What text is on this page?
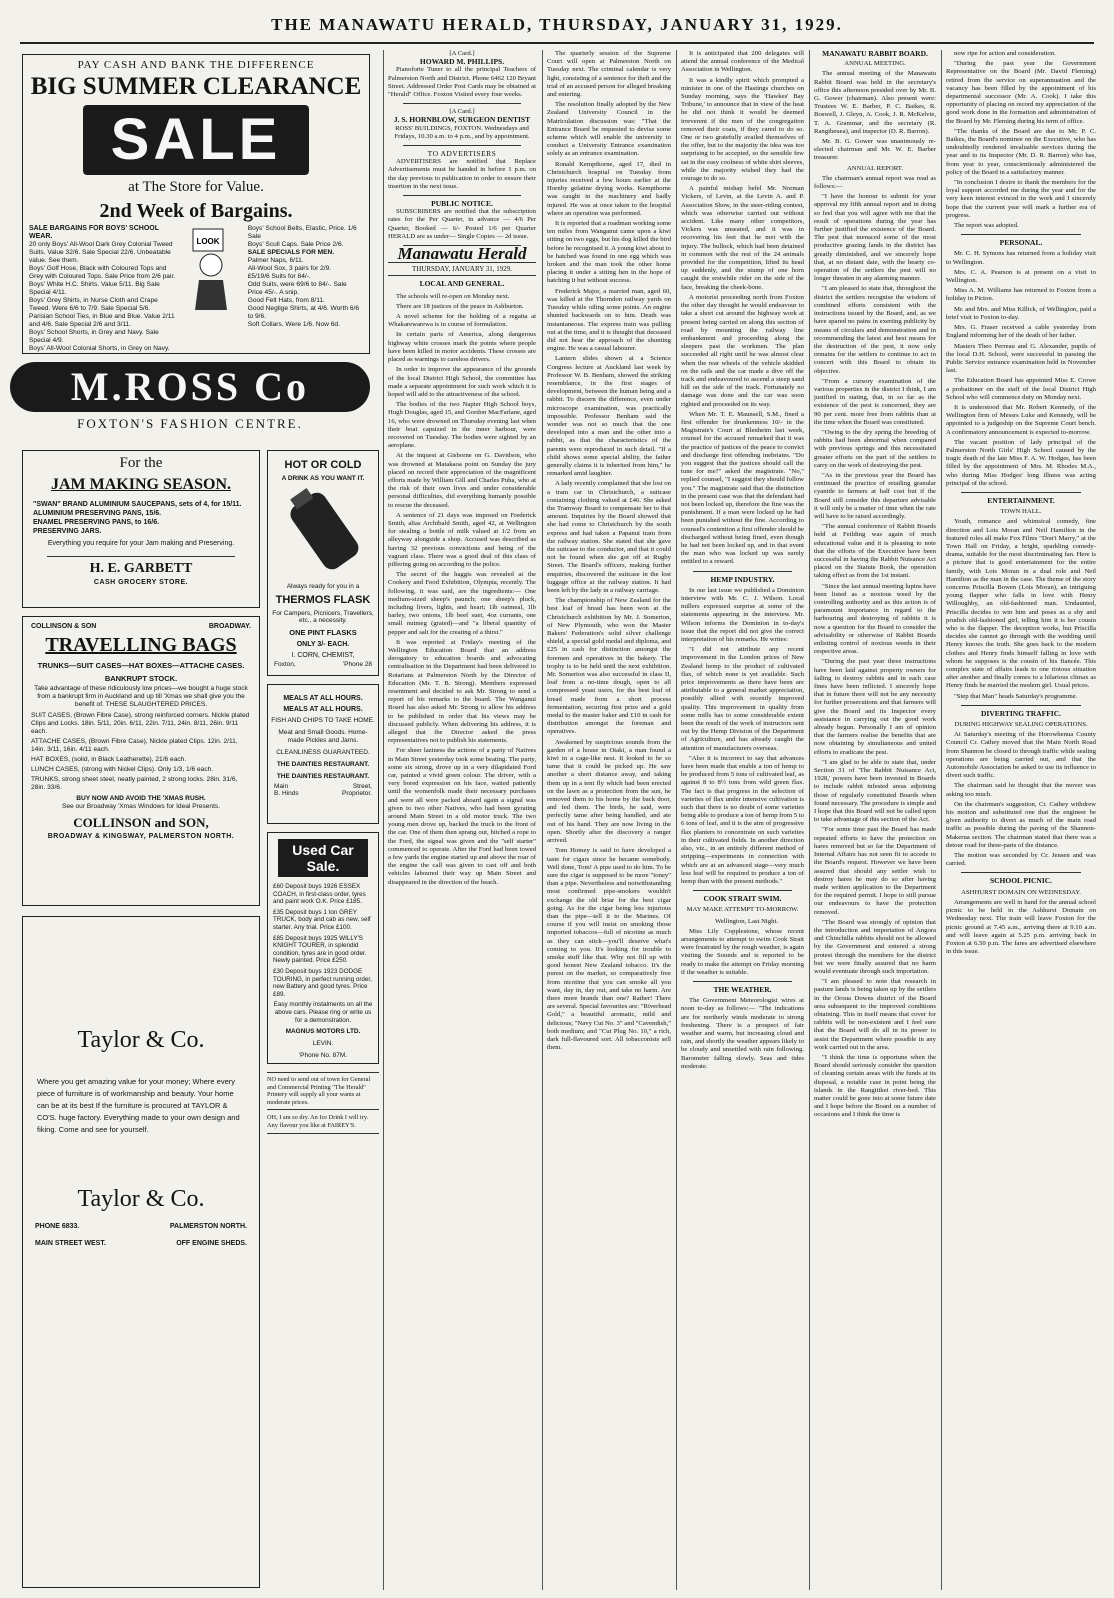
THE MANAWATU HERALD, THURSDAY, JANUARY 31, 1929.
PAY CASH AND BANK THE DIFFERENCE
BIG SUMMER CLEARANCE
SALE
at The Store for Value.
2nd Week of Bargains.
SALE BARGAINS FOR BOYS' SCHOOL WEAR.
20 only Boys' All-Wool Dark Grey Colonial Tweed Suits. Value 32/6. Sale Special 22/6. Unbeatable value. See them.
Boys' Golf Hose, Black with Coloured Tops and Grey with Coloured Tops. Sale Price from 2/6 pair.
Boys' White H.C. Shirts. Value 5/11. Big Sale Special 4/11.
Boys' Grey Shirts, in Nurse Cloth and Crape Tweed. Were 6/6 to 7/9. Sale Special 5/6.
Parisian School Ties, in Blue and Blue. Value 2/11 and 4/6. Sale Special 2/6 and 3/11.
Boys' School Shorts, in Grey and Navy. Sale Special 4/9.
Boys' All-Wool Colonial Shorts, in Grey on Navy.
LOOK
Boys' School Belts, Elastic, Price. 1/6 Sale
Boys' Scull Caps. Sale Price 2/6.
SALE SPECIALS FOR MEN.
Palmer Naps, 6/11.
All-Wool Sox, 3 pairs for 2/9.
£5/19/6 Suits for 84/-.
Odd Suits, were 69/6 to 84/-. Sale Price 45/-. A snip.
Good Felt Hats, from 8/11.
Good Neglige Shirts, at 4/6. Worth 6/6 to 9/6.
Soft Collars. Were 1/6. Now 6d.
M.ROSS Co
FOXTON'S FASHION CENTRE.
For the
JAM MAKING SEASON.
"SWAN" BRAND ALUMINIUM SAUCEPANS, sets of 4, for 15/11.
ALUMINIUM PRESERVING PANS, 15/6.
ENAMEL PRESERVING PANS, to 16/6.
PRESERVING JARS.
Everything you require for your Jam making and Preserving.
H. E. GARBETT
CASH GROCERY STORE.
COLLINSON & SON	BROADWAY.
TRAVELLING BAGS
TRUNKS—SUIT CASES—HAT BOXES—ATTACHE CASES.
BANKRUPT STOCK.
Take advantage of these ridiculously low prices—we bought a huge stock from a bankrupt firm in Auckland and up till 'Xmas we shall give you the benefit of. THESE SLAUGHTERED PRICES.
SUIT CASES, (Brown Fibre Case), strong reinforced corners. Nickle plated Clips and Locks. 18in. 5/11, 20in. 6/11, 22in. 7/11, 24in. 8/11, 26in. 9/11 each.
ATTACHE CASES, (Brown Fibre Case), Nickle plated Clips. 12in. 2/11, 14in. 3/11, 16in. 4/11 each.
HAT BOXES, (solid, in Black Leatherette), 21/6 each.
LUNCH CASES, (strong with Nickel Clips). Only 1/3, 1/6 each.
TRUNKS, strong sheet steel, neatly painted, 2 strong locks. 28in. 31/6, 28in. 33/6.
BUY NOW AND AVOID THE 'XMAS RUSH.
See our Broadway 'Xmas Windows for Ideal Presents.
COLLINSON and SON,
BROADWAY & KINGSWAY, PALMERSTON NORTH.
Taylor & Co.
Where you get amazing value for your money; Where every piece of furniture is of workmanship and beauty. Your home can be at its best If the furniture is procured at TAYLOR & CO'S. huge factory. Everything made to your own design and fiking. Come and see for yourself.
Taylor & Co.
PHONE 6833.	PALMERSTON NORTH.
MAIN STREET WEST.	OFF ENGINE SHEDS.
HOT OR COLD
A DRINK AS YOU WANT IT.
Always ready for you in a
THERMOS FLASK
For Campers, Picnicers, Travellers, etc., a necessity.
ONE PINT FLASKS
ONLY 3/- EACH.
I. CORN, CHEMIST,
Foxton,	'Phone 28
MEALS AT ALL HOURS.
MEALS AT ALL HOURS.
FISH AND CHIPS TO TAKE HOME.
Meat and Small Goods. Home-made Pickles and Jams.
CLEANLINESS GUARANTEED.
THE DAINTIES RESTAURANT.
THE DAINTIES RESTAURANT.
Main	Street,
B. Hinds	Proprietor.
Used Car Sale.
£60 Deposit buys 1926 ESSEX COACH, in first-class order, tyres and paint work O.K. Price £185.
£35 Deposit buys 1 ton GREY TRUCK, body and cab as new, self starter. Any trial. Price £100.
£85 Deposit buys 1925 WILLY'S KNIGHT TOURER, in splendid condition, tyres are in good order. Newly painted. Price £250.
£30 Deposit buys 1923 DODGE TOURING, in perfect running order, new Battery and good tyres. Price £89.
Easy monthly instalments on all the above cars. Please ring or write us for a demonstration.
MAGNUS MOTORS LTD.
LEVIN.
'Phone No. 87M.
NO need to send out of town for General and Commercial Printing "The Herald" Printery will supply all your wants at moderate prices.
OH, I am so dry. An Ice Drink I will try. Any flavour you like at FAIREY'S.
[A Card.]
HOWARD M. PHILLIPS.

Pianoforte Tuner to all the principal Teachers of Palmerston North and District. Phone 6462 120 Bryant Street. Addressed Order Post Cards may be obtained at "Herald" Office. Foxton Visited every four weeks.

[A Card.]
J. S. HORNBLOW, SURGEON DENTIST

ROSS' BUILDINGS, FOXTON. Wednesdays and Fridays, 10.30 a.m. to 4 p.m., and by appointment.

TO ADVERTISERS

ADVERTISERS are notified that Replace Advertisements must be handed in before 1 p.m. on the day previous to publication in order to ensure their insertion in the next issue.

PUBLIC NOTICE.

SUBSCRIBERS are notified that the subscription rates for the Per Quarter, in advance — 4/6 Per Quarter, Booked — 6/- Posted 1/6 per Quarter HERALD are as under— Single Copies — 2d issue.

Manawatu Herald
THURSDAY, JANUARY 31, 1929.
LOCAL AND GENERAL.

The schools will re-open on Monday next.

There are 18 justices of the peace in Ashburton.

A novel scheme for the holding of a regatta at Whakarewarewa is in course of formulation.

In certain parts of America, along dangerous highway white crosses mark the points where people have been killed in motor accidents. These crosses are placed as warnings to careless drivers.

In order to improve the appearance of the grounds of the local District High School, the committee has made a separate appointment for such work which it is hoped will add to the attractiveness of the school.

The bodies of the two Napier High School boys, Hugh Douglas, aged 15, and Gordon MacFarlane, aged 16, who were drowned on Thursday evening last when their boat capsized in the inner harbour, were recovered on Tuesday. The bodies were sighted by an aeroplane.

At the inquest at Gisborne on G. Davidson, who was drowned at Matakaoa point on Sunday the jury placed on record their appreciation of the magnificent efforts made by William Gill and Charles Puha, who at the risk of their own lives and under considerable personal difficulties, did everything humanly possible to rescue the deceased.

A sentence of 21 days was imposed on Frederick Smith, alias Archibald Smith, aged 42, at Wellington for stealing a bottle of milk valued at 1/2 from an alleyway alongside a shop. Accused was described as having 32 previous convictions and being of the vagrant class. There was a good deal of this class of pilfering going on according to the police.

The secret of the haggis was revealed at the Cookery and Food Exhibition, Olympia, recently. The following, it was said, are the ingredients:— One medium-sized sheep's paunch; one sheep's pluck, including livers, lights, and heart; 1lb oatmeal, 1lb barley, two onions, 1lb beef suet, 4oz currants, one small nutmeg (grated)—and "a liberal quantity of pepper and salt for the creating of a thirst."

It was reported at Friday's meeting of the Wellington Education Board that an address derogatory to education boards and advocating centralisation in the Department had been delivered to Rotarians at Palmerston North by the Director of Education (Mr. T. B. Strong). Members expressed resentment and decided to ask Mr. Strong to send a report of his remarks to the board. The Wanganui Board has also asked Mr. Strong to allow his address to be published in order that his views may be discussed publicly. When delivering his address, it is alleged that the Director asked the press representatives not to publish his statements.

For sheer laziness the actions of a party of Natives in Main Street yesterday took some beating. The party, some six strong, drove up in a very dilapidated Ford car, painted a vivid green colour. The driver, with a very bored expression on his face, waited patiently until the womenfolk made their necessary purchases and were all were packed aboard again a signal was given to two other Natives, who had been gyrating around Main Street in a old motor truck. The two young men drove up, backed the truck to the front of the car. One of them then sprang out, hitched a rope to the Ford, the signal was given and the "self starter" commenced to operate. After the Ford had been towed a few yards the engine started up and above the roar of the engine the call was given to cast off and both vehicles laboured their way up Main Street and disappeared in the direction of the beach.

The quarterly session of the Supreme Court will open at Palmerston North on Tuesday next. The criminal calendar is very light, consisting of a sentence for theft and the trial of an accused person for alleged breaking and entering.

The resolution finally adopted by the New Zealand University Council in the Matriculation discussion was: "That the Entrance Board be requested to devise some scheme which will enable the university to conduct a University Entrance examination solely as an entrance examination.

Ronald Kempthorne, aged 17, died in Christchurch hospital on Tuesday from injuries received a few hours earlier at the Hornby gelatine drying works. Kempthorne was caught in the machinery and badly injured. He was at once taken to the hospital where an operation was performed.

It is reported that a roadman working some ten miles from Wanganui came upon a kiwi sitting on two eggs, but his dog killed the bird before he recognised it. A young kiwi about to be hatched was found in one egg which was broken and the man took the other home placing it under a sitting hen in the hope of hatching it but without success.

Frederick Major, a married man, aged 60, was killed at the Thorndon railway yards on Tuesday while oiling some points. An engine shunted backwards on to him. Death was instantaneous. The express train was pulling out at the time, and it is thought that deceased did not hear the approach of the shunting engine. He was a casual labourer.

Lantern slides shown at a Science Congress lecture at Auckland last week by Professor W. B. Benham, showed the striking resemblance, in the first stages of development, between the human being and a rabbit. To discern the difference, even under microscope examination, was practically impossible. Professor Benham said the wonder was not so much that the one developed into a man and the other into a rabbit, as that the characteristics of the parents were reproduced in such detail. "If a child shows some special ability, the father generally claims it is inherited from him," he remarked amid laughter.

A lady recently complained that she lost on a tram car in Christchurch, a suitcase containing clothing valued at £46. She asked the Tramway Board to compensate her to that amount. Inquiries by the Board showed that she had come to Christchurch by the south express and had taken a Papanui tram from the railway station. She stated that she gave the suitcase to the conductor, and that it could not be found when she got off at Rugby Street. The Board's officers, making further enquiries, discovered the suitcase in the lost luggage office at the railway station. It had been left by the lady in a railway carriage.

The championship of New Zealand for the best loaf of bread has been won at the Christchurch exhibition by Mr. J. Somerton, of New Plymouth, who won the Master Bakers' Federation's solid silver challenge shield, a special gold medal and diploma, and £25 in cash for distinction amongst the foremen and operatives in the bakery. The trophy is to be held until the next exhibition. Mr. Somerton was also successful in class II, loaf from a no-time dough, open to all compressed yeast users, for the best loaf of bread made from a short process fermentation, securing first prize and a gold medal to the master baker and £10 in cash for distribution amongst the foreman and operatives.

Awakened by suspicious sounds from the garden of a house in Otaki, a man found a kiwi in a cage-like nest. It looked to be so tame that it could be picked up. He saw another a short distance away, and taking them up in a tent fly which had been erected on the lawn as a protection from the sun, he removed them to his home by the back door, and fed them. The birds, he said, were perfectly tame after being handled, and ate out of his hand. They are now living in the open. Shortly after the discovery a ranger arrived.

Tom Homey is said to have developed a taste for cigars since he became somebody. Well done, Tom! A pipe used to do him. To be sure the cigar is supposed to be more "toney" than a pipe. Nevertheless and notwithstanding most confirmed pipe-smokers wouldn't exchange the old briar for the best cigar going. As for the cigar being less injurious than the pipe—tell it to the Marines. Of course if you will insist on smoking those imported tobaccos—full of nicotine as much as they can stick—you'll deserve what's coming to you. It's looking for trouble to smoke stuff like that. Why not fill up with good honest New Zealand tobacco. It's the purest on the market, so comparatively free from nicotine that you can smoke all you want, day in, day out, and take no harm. Are there more brands than one? Rather! There are several. Special favourites are: "Riverhead Gold," a beautiful aromatic, mild and delicious; "Navy Cut No. 3" and "Cavendish," both medium; and "Cut Plug No. 10," a rich, dark full-flavoured sort. All tobacconists sell them.

It is anticipated that 200 delegates will attend the annual conference of the Medical Association in Wellington.

It was a kindly spirit which prompted a minister in one of the Hastings churches on Sunday morning, says the 'Hawkes' Bay Tribune,' to announce that in view of the heat he did not think it would be deemed irreverent if the men of the congregation removed their coats, if they cared to do so. One or two gratefully availed themselves of the offer, but to the majority the idea was too surprising to be accepted, so the sensible few sat in the easy coolness of white shirt sleeves, while the majority wished they had the courage to do so.

A painful mishap befel Mr. Norman Vickers, of Levin, at the Levin A. and P. Association Show, in the steer-riding contest, which was otherwise carried out without accident. Like many other competitors, Vickers was unseated, and it was in recovering his feet that he met with the injury. The bullock, which had been detained in common with the rest of the 24 animals provided for the competition, lifted its head up suddenly, and the stump of one horn caught the erstwhile rider on the side of the face, breaking the cheek-bone.

A motorist proceeding north from Foxton the other day thought he would endeavour to take a short cut around the highway work at present being carried on along this section of road by mounting the railway line embankment and proceeding along the sleepers past the workmen. The plan succeeded all right until he was almost clear when the rear wheels of the vehicle skidded on the rails and the car made a dive off the track and endeavoured to ascend a steep sand hill on the side of the track. Fortunately no damage was done and the car was soon righted and proceeded on its way.

When Mr. T. E. Maunsell, S.M., fined a first offender for drunkenness 10/- in the Magistrate's Court at Blenheim last week, counsel for the accused remarked that it was the practice of justices of the peace to convict and discharge first offending inebriates. "Do you suggest that the justices should call the tune for me?" asked the magistrate. "No," replied counsel, "I suggest they should follow you." The magistrate said that the distinction in the present case was that the defendant had not been locked up, therefore the fine was the punishment. If a man were locked up he had been punished without the fine. According to counsel's contention a first offender should be discharged without being fined, even though he had not been locked up, and in that event the man who was locked up was surely entitled to a reward.

HEMP INDUSTRY.

In our last issue we published a Dominion interview with Mr. C. J. Wilson. Local millers expressed surprise at some of the statements appearing in the interview. Mr. Wilson informs the Dominion in to-day's issue that the report did not give the correct interpretation of his remarks. He writes:

"I did not attribute any recent improvement in the London prices of New Zealand hemp to the product of cultivated flax, of which none is yet available. Such price improvements as there have been are attributable to a general market appreciation, possibly allied with recently improved quality. This improvement in quality from some mills has to some considerable extent been the result of the work of instructors sent out by the Hemp Division of the Department of Agriculture, and has already caught the attention of manufacturers overseas.

"Also it is incorrect to say that advances have been made that enable a ton of hemp to be produced from 5 tons of cultivated leaf, as against 8 to 8½ tons from wild green flax. The fact is that progress in the selection of varieties of flax under intensive cultivation is such that there is no doubt of some varieties being able to produce a ton of hemp from 5 to 6 tons of leaf, and it is the aim of progressive flax planters to concentrate on such varieties in their cultivated fields. In another direction also, viz., in an entirely different method of stripping—experiments in connection with which are at an advanced stage—very much less leaf will be required to produce a ton of hemp than with the present methods."

COOK STRAIT SWIM.
MAY MAKE ATTEMPT TO-MORROW.

Wellington, Last Night.

Miss Lily Copplestone, whose recent arrangements to attempt to swim Cook Strait were frustrated by the rough weather, is again visiting the Sounds and is reported to be ready to make the attempt on Friday morning if the weather is suitable.

THE WEATHER.

The Government Meteorologist wires at noon to-day as follows:— "The indications are for northerly winds moderate to strong freshening. There is a prospect of fair weather and warm, but increasing cloud and rain, and shortly the weather appears likely to be cloudy and unsettled with rain following. Barometer falling slowly. Seas and tides moderate.

MANAWATU RABBIT BOARD.
ANNUAL MEETING.

The annual meeting of the Manawatu Rabbit Board was held in the secretary's office this afternoon presided over by Mr. B. G. Gower (chairman). Also present were: Trustees W. E. Barber, P. C. Baikes, R. Boswell, J. Gleyn, A. Cook, J. R. McKelvie, T. A. Grammar, and the secretary (R. Rangiheuea), and inspector (D. R. Barron).

Mr. B. G. Gower was unanimously re-elected chairman and Mr. W. E. Barber treasurer.

ANNUAL REPORT.

The chairman's annual report was read as follows:—

"I have the honour to submit for your approval my fifth annual report and in doing so feel that you will agree with me that the result of operations during the year has further justified the existence of the Board. The pest that menaced some of the most productive grazing lands in the district has greatly diminished, and we sincerely hope that, at no distant date, with the hearty co-operation of the settlers the pest will no longer threaten in any alarming manner.

"I am pleased to state that, throughout the district the settlers recognise the wisdom of combined efforts consistent with the instructions issued by the Board, and, as we have spared no pains in exerting publicity by means of circulars and demonstration and in recommending the latest and best means for the destruction of the pest, it now only remains for the settlers to continue to act in concert with this Board to obtain its objective.

"From a cursory examination of the various properties in the district I think, I am justified in stating, that, in so far as the existence of the pest is concerned, they are 90 per cent. more free from rabbits than at the time when the Board was constituted.

"Owing to the dry spring the breeding of rabbits had been abnormal when compared with previous springs and this necessitated greater efforts on the part of the settlers to carry on the work of destroying the pest.

"As in the previous year the Board has continued the practice of retailing granular cyanide to farmers at half cost but if the Board still consider this departure advisable it will only be a matter of time when the rate will have to be raised accordingly.

"The annual conference of Rabbit Boards held at Feilding was again of much educational value and it is pleasing to note that the efforts of the Executive have been successful in having the Rabbit Nuisance Act placed on the Statute Book, the operation taking effect as from the 1st instant.

"Since the last annual meeting lupins have been listed as a noxious weed by the controlling authority and as this action is of paramount importance in regard to the harbouring and destroying of rabbits it is now a question for the Board to consider the advisability or otherwise of Rabbit Boards enlisting control of noxious weeds in their respective areas.

"During the past year three instructions have been laid against property owners for failing to destroy rabbits and in each case fines have been inflicted. I sincerely hope that in future there will not be any necessity for further prosecutions and that farmers will give the Board and its Inspector every assistance in carrying out the good work already begun. Personally I am of opinion that the farmers realise the benefits that are now obtaining by simultaneous and united efforts to eradicate the pest.

"I am glad to be able to state that, under Section 31 of 'The Rabbit Nuisance Act, 1928,' powers have been invested in Boards to include rabbit infested areas adjoining those of regularly constituted Boards when found necessary. The procedure is simple and I hope that this Board will not be called upon to take advantage of this section of the Act.

"For some time past the Board has made repeated efforts to have the protection on hares removed but so far the Department of Internal Affairs has not seen fit to accede to the Board's request. However we have been assured that should any settler wish to destroy hares he may do so after having made written application to the Department for the required permit. I hope to still pursue our endeavours to have the protection removed.

"The Board was strongly of opinion that the introduction and importation of Angora and Chinchilla rabbits should not be allowed by the Government and entered a strong protest through the members for the district but we were finally assured that no harm would eventuate through such importation.

"I am pleased to note that research in pasture lands is being taken up by the settlers in the Oroua Downs district of the Board area subsequent to the improved conditions obtaining. This in itself means that cover for rabbits will be non-existent and I feel sure that the Board will do all in its power to assist the Department where possible in any work carried out in the area.

"I think the time is opportune when the Board should seriously consider the question of cleaning certain areas with the funds at its disposal, a notable case in point being the islands in the Rangitikei river-bed. This matter could be gone into at some future date and I hope before the Board on a number of occasions and I think the time is

now ripe for action and consideration.

"During the past year the Government Representative on the Board (Mr. David Fleming) retired from the service on superannuation and the vacancy has been filled by the appointment of his departmental successor (Mr. A. Cook). I take this opportunity of placing on record my appreciation of the good work done in the formation and administration of the Board by Mr. Fleming during his term of office.

"The thanks of the Board are due to Mr. P. C. Baikes, the Board's nominee on the Executive, who has undoubtedly rendered invaluable services during the year and to its Inspector (Mr. D. R. Barron) who has, from year to year, conscientiously administered the policy of the Board in a satisfactory manner.

"In conclusion I desire to thank the members for the loyal support accorded me during the year and for the very keen interest evinced in the work and I sincerely hope that the current year will mark a further era of progress.

The report was adopted.

PERSONAL.

Mr. C. H. Symons has returned from a holiday visit to Wellington.

Mrs. C. A. Pearson is at present on a visit to Wellington.

Miss A. M. Williams has returned to Foxton from a holiday in Picton.

Mr. and Mrs. and Miss Killick, of Wellington, paid a brief visit to Foxton to-day.

Mrs. G. Fraser received a cable yesterday from England informing her of the death of her father.

Masters Theo Perreau and G. Alexander, pupils of the local D.H. School, were successful in passing the Public Service entrance examination held in November last.

The Education Board has appointed Miss E. Crowe a probationer on the staff of the local District High School who will commence duty on Monday next.

It is understood that Mr. Robert Kennedy, of the Wellington firm of Messrs Luke and Kennedy, will be appointed to a judgeship on the Supreme Court bench. A confirmatory announcement is expected to-morrow.

The vacant position of lady principal of the Palmerston North Girls' High School caused by the tragic death of the late Miss F. A. W. Hodges, has been filled by the appointment of Mrs. M. Rhodes M.A., who during Miss Hodges' long illness was acting principal of the school.

ENTERTAINMENT.
TOWN HALL.

Youth, romance and whimsical comedy, fine direction and Lois Moran and Neil Hamilton in the featured roles all make Fox Films "Don't Marry," at the Town Hall on Friday, a bright, sparkling comedy-drama, suitable for the most discriminating fan. Here is a picture that is good entertainment for the entire family, with Lois Moran in a dual role and Neil Hamilton as the man in the case. The theme of the story concerns Priscilla Bowen (Lois Moran), an intriguing young flapper who falls in love with Henry Willoughby, an old-fashioned man. Undaunted, Priscilla decides to win him and poses as a shy and prudish old-fashioned girl, telling him it is her cousin who is the flapper. The deception works, but Priscilla decides she cannot go through with the wedding until Henry knows the truth. She goes back to the modern clothes and Henry finds himself falling in love with whom he supposes is the cousin of his fiancée. This complex state of affairs leads to one riotous situation after another and finally comes to a hilarious climax as Henry finds he married the modern girl. Usual prices.

"Step that Man" heads Saturday's programme.

DIVERTING TRAFFIC.
DURING HIGHWAY SEALING OPERATIONS.

At Saturday's meeting of the Horowhenua County Council Cr. Cathey moved that the Main North Road from Shannon be closed to through traffic while sealing operations are being carried out, and that the Automobile Association be asked to use its influence to divert such traffic.

The chairman said he thought that the mover was asking too much.

On the chairman's suggestion, Cr. Cathey withdrew his motion and substituted one that the engineer be given authority to divert as much of the main road traffic as possible during the paving of the Shannon-Makerua section. The chairman stated that there was a detour road for three-parts of the distance.

The motion was seconded by Cr. Jensen and was carried.

SCHOOL PICNIC.
ASHHURST DOMAIN ON WEDNESDAY.

Arrangements are well in hand for the annual school picnic to be held in the Ashhurst Domain on Wednesday next. The train will leave Foxton for the picnic ground at 7.45 a.m., arriving there at 9.10 a.m. and will leave again at 5.25 p.m. arriving back in Foxton at 6.50 p.m. The fares are advertised elsewhere in this issue.
